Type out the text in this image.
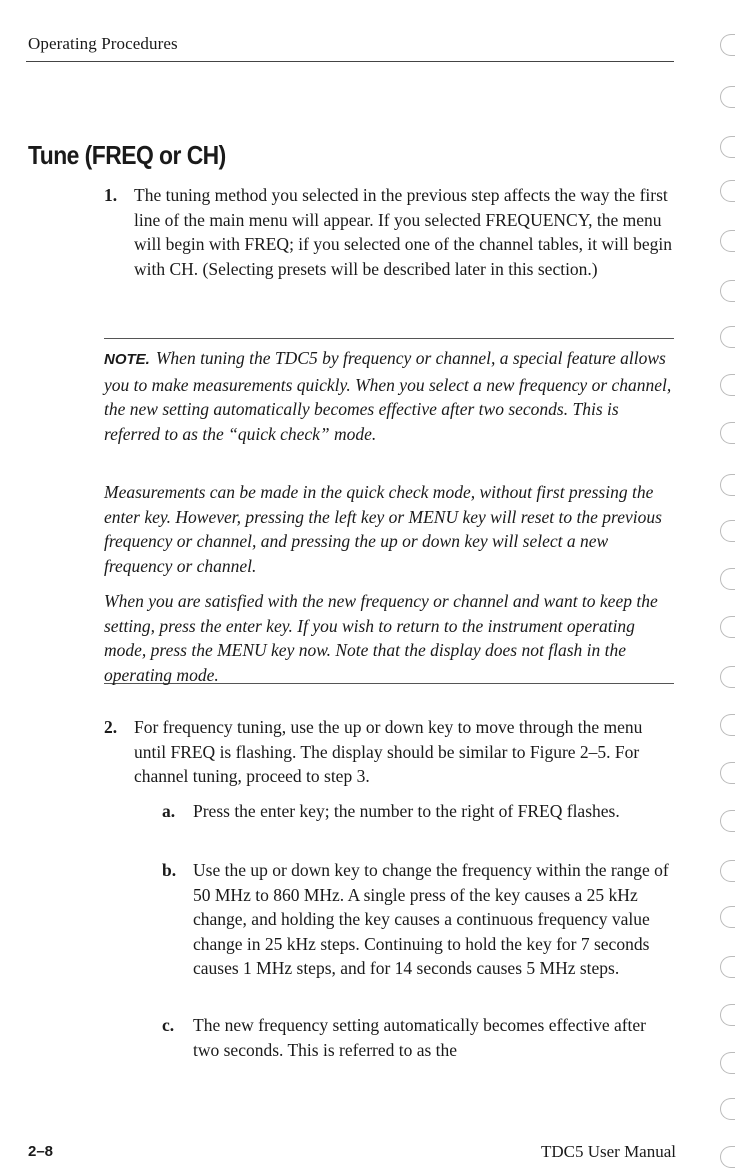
Operating Procedures
Tune (FREQ or CH)
1. The tuning method you selected in the previous step affects the way the first line of the main menu will appear. If you selected FREQUENCY, the menu will begin with FREQ; if you selected one of the channel tables, it will begin with CH. (Selecting presets will be described later in this section.)
NOTE. When tuning the TDC5 by frequency or channel, a special feature allows you to make measurements quickly. When you select a new frequency or channel, the new setting automatically becomes effective after two seconds. This is referred to as the “quick check” mode.
Measurements can be made in the quick check mode, without first pressing the enter key. However, pressing the left key or MENU key will reset to the previous frequency or channel, and pressing the up or down key will select a new frequency or channel.
When you are satisfied with the new frequency or channel and want to keep the setting, press the enter key. If you wish to return to the instrument operating mode, press the MENU key now. Note that the display does not flash in the operating mode.
2. For frequency tuning, use the up or down key to move through the menu until FREQ is flashing. The display should be similar to Figure 2–5. For channel tuning, proceed to step 3.
a. Press the enter key; the number to the right of FREQ flashes.
b. Use the up or down key to change the frequency within the range of 50 MHz to 860 MHz. A single press of the key causes a 25 kHz change, and holding the key causes a continuous frequency value change in 25 kHz steps. Continuing to hold the key for 7 seconds causes 1 MHz steps, and for 14 seconds causes 5 MHz steps.
c. The new frequency setting automatically becomes effective after two seconds. This is referred to as the
2–8	TDC5 User Manual
